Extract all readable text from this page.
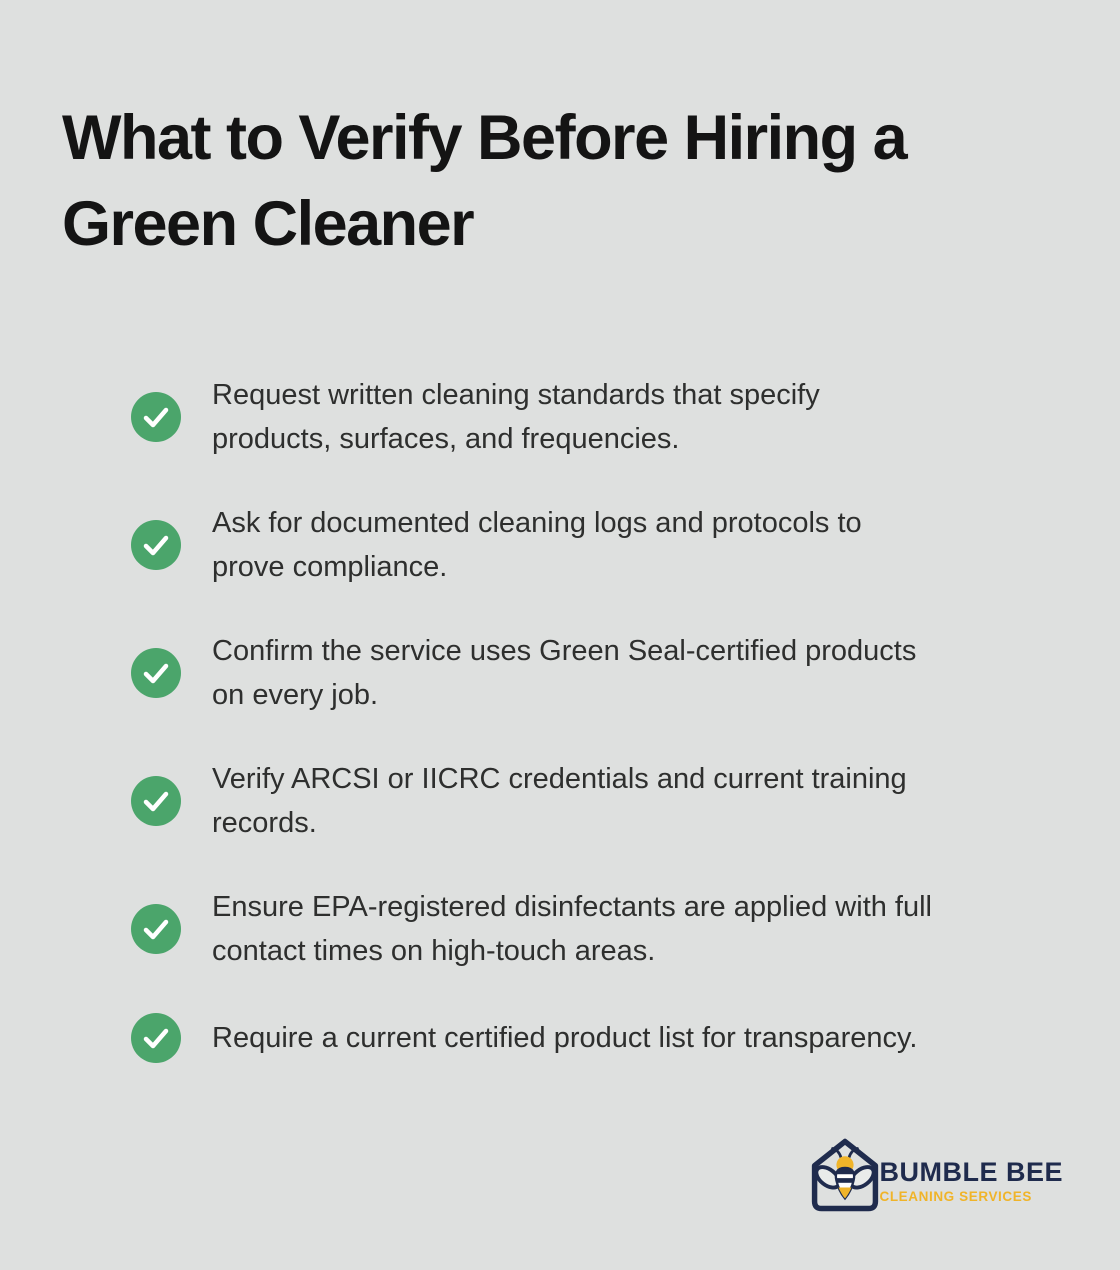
What to Verify Before Hiring a
Green Cleaner
Request written cleaning standards that specify
products, surfaces, and frequencies.
Ask for documented cleaning logs and protocols to
prove compliance.
Confirm the service uses Green Seal-certified products
on every job.
Verify ARCSI or IICRC credentials and current training
records.
Ensure EPA-registered disinfectants are applied with full
contact times on high-touch areas.
Require a current certified product list for transparency.
BUMBLE BEE
CLEANING SERVICES
